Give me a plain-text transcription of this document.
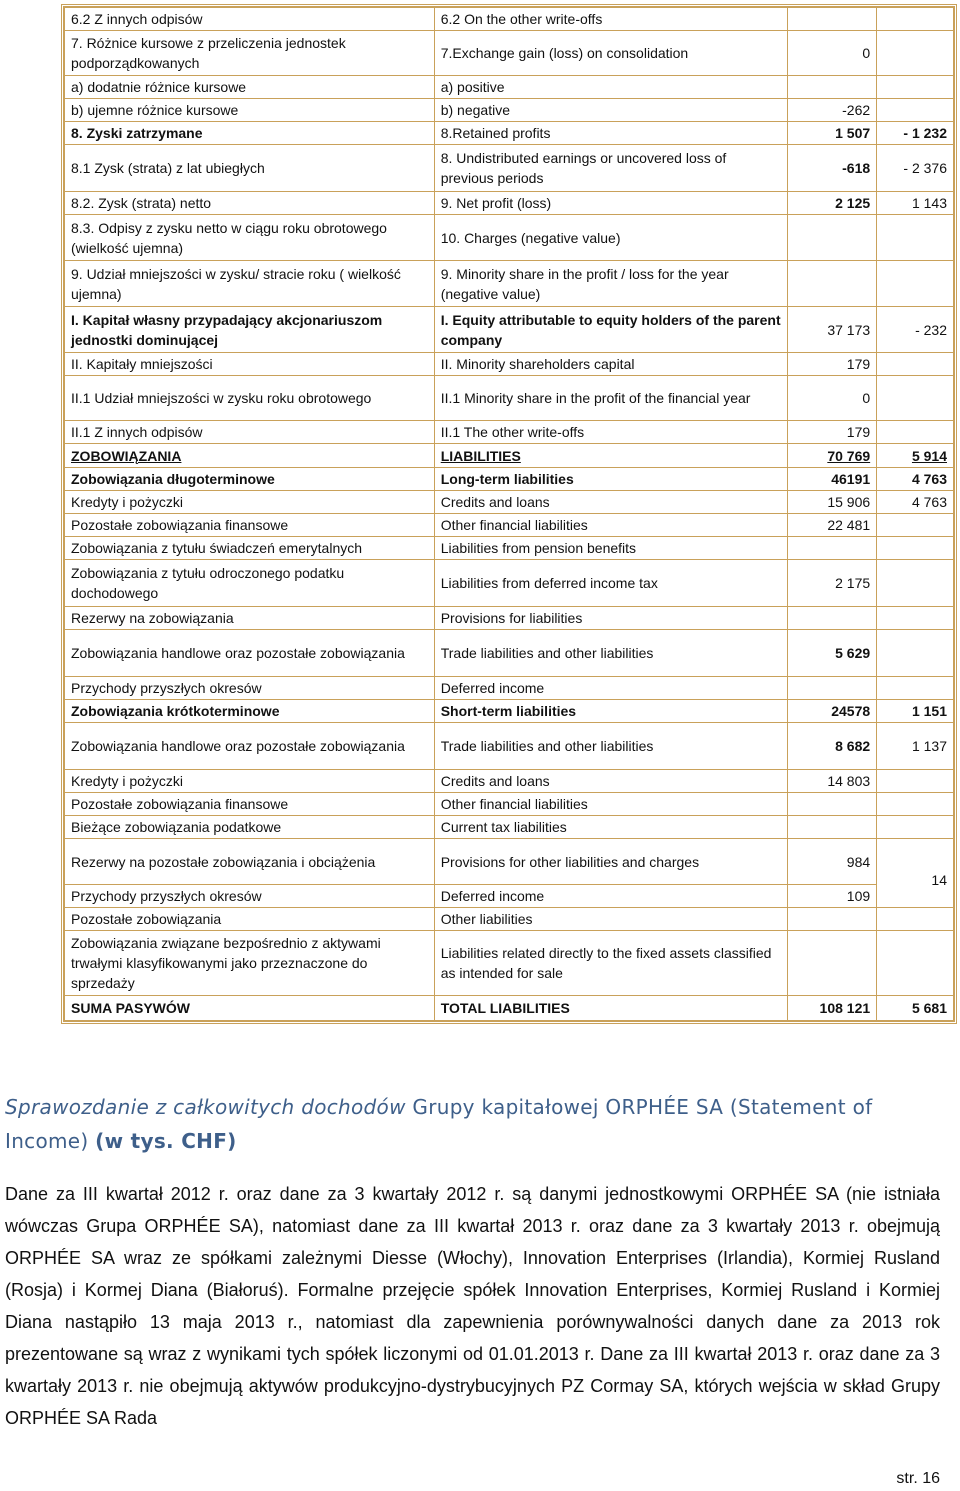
6.2 Z innych odpisów	6.2 On the other write-offs		
7. Różnice kursowe z przeliczenia jednostek podporządkowanych	7.Exchange gain (loss) on consolidation	0	
a) dodatnie różnice kursowe	a) positive		
b) ujemne różnice kursowe	b) negative	-262	
8. Zyski zatrzymane	8.Retained profits	1 507	- 1 232
8.1 Zysk (strata) z lat ubiegłych	8. Undistributed earnings or uncovered loss of previous periods	-618	- 2 376
8.2. Zysk (strata) netto	9. Net profit (loss)	2 125	1 143
8.3. Odpisy z zysku netto w ciągu roku obrotowego (wielkość ujemna)	10. Charges (negative value)		
9. Udział mniejszości w zysku/ stracie roku ( wielkość ujemna)	9. Minority share in the profit / loss for the year (negative value)		
I. Kapitał własny przypadający akcjonariuszom jednostki dominującej	I. Equity attributable to equity holders of the parent company	37 173	- 232
II. Kapitały mniejszości	II. Minority shareholders capital	179	
II.1 Udział mniejszości w zysku roku obrotowego	II.1 Minority share in the profit of the financial year	0	
II.1 Z innych odpisów	II.1 The other write-offs	179	
ZOBOWIĄZANIA	LIABILITIES	70 769	5 914
Zobowiązania długoterminowe	Long-term liabilities	46191	4 763
Kredyty i pożyczki	Credits and loans	15 906	4 763
Pozostałe zobowiązania finansowe	Other financial liabilities	22 481	
Zobowiązania z tytułu świadczeń emerytalnych	Liabilities from pension benefits		
Zobowiązania z tytułu odroczonego podatku dochodowego	Liabilities from deferred income tax	2 175	
Rezerwy na zobowiązania	Provisions for liabilities		
Zobowiązania handlowe oraz pozostałe zobowiązania	Trade liabilities and other liabilities	5 629	
Przychody przyszłych okresów	Deferred income		
Zobowiązania krótkoterminowe	Short-term liabilities	24578	1 151
Zobowiązania handlowe oraz pozostałe zobowiązania	Trade liabilities and other liabilities	8 682	1 137
Kredyty i pożyczki	Credits and loans	14 803	
Pozostałe zobowiązania finansowe	Other financial liabilities		
Bieżące zobowiązania podatkowe	Current tax liabilities		
Rezerwy na pozostałe zobowiązania i obciążenia	Provisions for other liabilities and charges	984	14
Przychody przyszłych okresów	Deferred income	109	
Pozostałe zobowiązania	Other liabilities		
Zobowiązania związane bezpośrednio z aktywami trwałymi klasyfikowanymi jako przeznaczone do sprzedaży	Liabilities related directly to the fixed assets classified as intended for sale		
SUMA PASYWÓW	TOTAL LIABILITIES	108 121	5 681
Sprawozdanie z całkowitych dochodów Grupy kapitałowej ORPHÉE SA (Statement of Income) (w tys. CHF)
Dane za III kwartał 2012 r. oraz dane za 3 kwartały 2012 r. są danymi jednostkowymi ORPHÉE SA (nie istniała wówczas Grupa ORPHÉE SA), natomiast dane za III kwartał 2013 r. oraz dane za 3 kwartały 2013 r. obejmują ORPHÉE SA wraz ze spółkami zależnymi Diesse (Włochy), Innovation Enterprises (Irlandia), Kormiej Rusland (Rosja) i Kormej Diana (Białoruś). Formalne przejęcie spółek Innovation Enterprises, Kormiej Rusland i Kormiej Diana nastąpiło 13 maja 2013 r., natomiast dla zapewnienia porównywalności danych dane za 2013 rok prezentowane są wraz z wynikami tych spółek liczonymi od 01.01.2013 r. Dane za III kwartał 2013 r. oraz dane za 3 kwartały 2013 r. nie obejmują aktywów produkcyjno-dystrybucyjnych PZ Cormay SA, których wejścia w skład Grupy ORPHÉE SA Rada
str. 16
